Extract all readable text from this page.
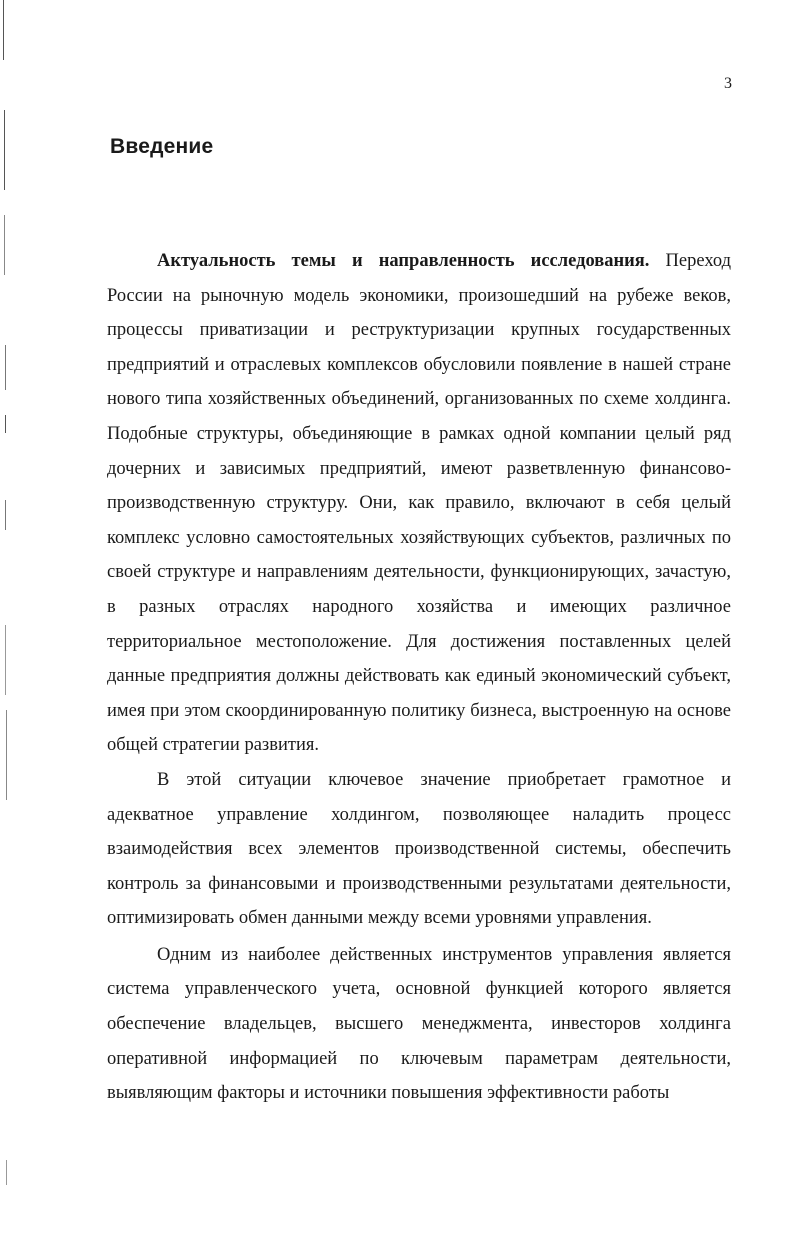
3
Введение

Актуальность темы и направленность исследования. Переход России на рыночную модель экономики, произошедший на рубежe веков, процессы приватизации и реструктуризации крупных государственных предприятий и отраслевых комплексов обусловили появление в нашей стране нового типа хозяйственных объединений, организованных по схеме холдинга. Подобные структуры, объединяющие в рамках одной компании целый ряд дочерних и зависимых предприятий, имеют разветвленную финансово-производственную структуру. Они, как правило, включают в себя целый комплекс условно самостоятельных хозяйствующих субъектов, различных по своей структуре и направлениям деятельности, функционирующих, зачастую, в разных отраслях народного хозяйства и имеющих различное территориальное местоположение. Для достижения поставленных целей данные предприятия должны действовать как единый экономический субъект, имея при этом скоординированную политику бизнеса, выстроенную на основе общей стратегии развития.

В этой ситуации ключевое значение приобретает грамотное и адекватное управление холдингом, позволяющее наладить процесс взаимодействия всех элементов производственной системы, обеспечить контроль за финансовыми и производственными результатами деятельности, оптимизировать обмен данными между всеми уровнями управления.

Одним из наиболее действенных инструментов управления является система управленческого учета, основной функцией которого является обеспечение владельцев, высшего менеджмента, инвесторов холдинга оперативной информацией по ключевым параметрам деятельности, выявляющим факторы и источники повышения эффективности работы
